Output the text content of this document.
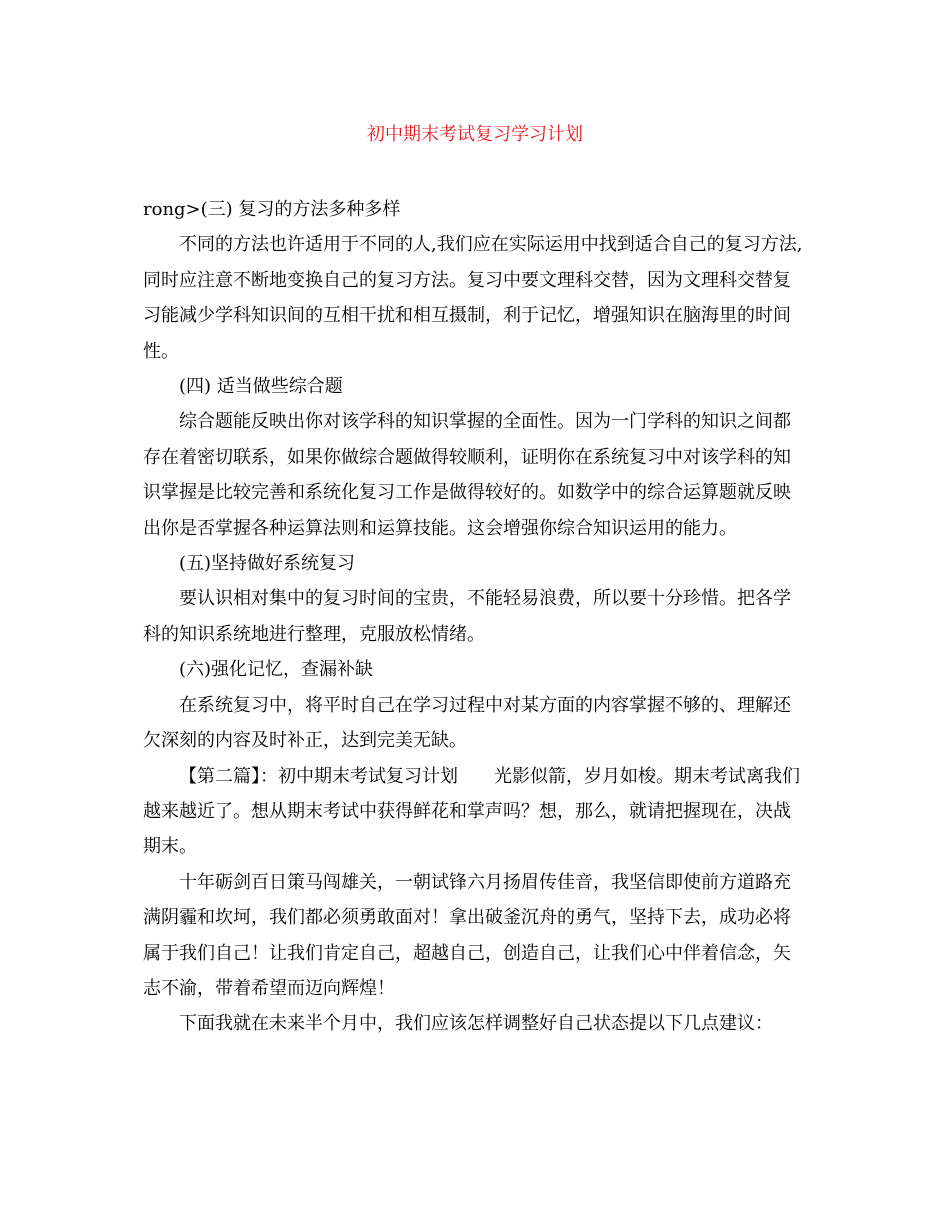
初中期末考试复习学习计划

rong>(三) 复习的方法多种多样

不同的方法也许适用于不同的人,我们应在实际运用中找到适合自己的复习方法,同时应注意不断地变换自己的复习方法。复习中要文理科交替，因为文理科交替复习能减少学科知识间的互相干扰和相互摄制，利于记忆，增强知识在脑海里的时间性。

(四) 适当做些综合题

综合题能反映出你对该学科的知识掌握的全面性。因为一门学科的知识之间都存在着密切联系，如果你做综合题做得较顺利，证明你在系统复习中对该学科的知识掌握是比较完善和系统化复习工作是做得较好的。如数学中的综合运算题就反映出你是否掌握各种运算法则和运算技能。这会增强你综合知识运用的能力。

(五)坚持做好系统复习

要认识相对集中的复习时间的宝贵，不能轻易浪费，所以要十分珍惜。把各学科的知识系统地进行整理，克服放松情绪。

(六)强化记忆，查漏补缺

在系统复习中，将平时自己在学习过程中对某方面的内容掌握不够的、理解还欠深刻的内容及时补正，达到完美无缺。

【第二篇】：初中期末考试复习计划　　光影似箭，岁月如梭。期末考试离我们越来越近了。想从期末考试中获得鲜花和掌声吗？想，那么，就请把握现在，决战期末。

十年砺剑百日策马闯雄关，一朝试锋六月扬眉传佳音，我坚信即使前方道路充满阴霾和坎坷，我们都必须勇敢面对！拿出破釜沉舟的勇气，坚持下去，成功必将属于我们自己！让我们肯定自己，超越自己，创造自己，让我们心中伴着信念，矢志不渝，带着希望而迈向辉煌！

下面我就在未来半个月中，我们应该怎样调整好自己状态提以下几点建议：
